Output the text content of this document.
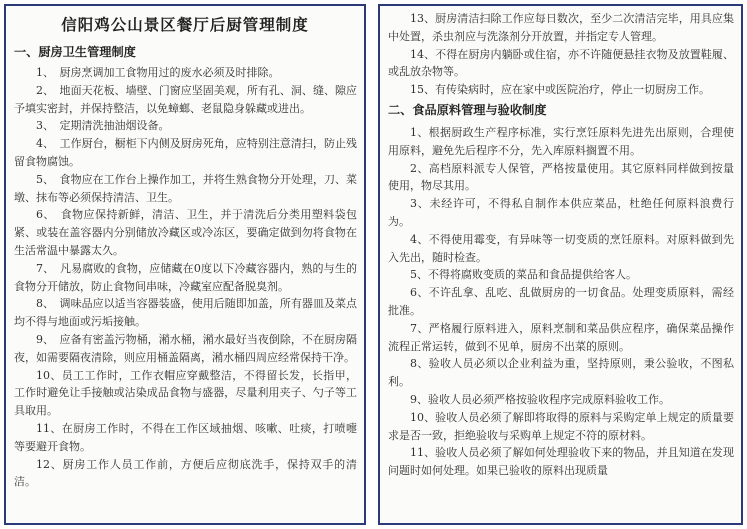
信阳鸡公山景区餐厅后厨管理制度
一、厨房卫生管理制度

1、　厨房烹调加工食物用过的废水必须及时排除。

2、　地面天花板、墙壁、门窗应坚固美观，所有孔、洞、缝、隙应予填实密封，并保持整洁，以免蟑螂、老鼠隐身躲藏或进出。

3、　定期清洗抽油烟设备。

4、　工作厨台，橱柜下内侧及厨房死角，应特别注意清扫，防止残留食物腐蚀。

5、　食物应在工作台上操作加工，并将生熟食物分开处理，刀、菜墩、抹布等必须保持清洁、卫生。

6、　食物应保持新鲜，清洁、卫生，并于清洗后分类用塑料袋包紧、或装在盖容器内分别储放冷藏区或冷冻区，要确定做到勿将食物在生活常温中暴露太久。

7、　凡易腐败的食物，应储藏在0度以下冷藏容器内，熟的与生的食物分开储放，防止食物间串味，冷藏室应配备脱臭剂。

8、　调味品应以适当容器装盛，使用后随即加盖，所有器皿及菜点均不得与地面或污垢接触。

9、　应备有密盖污物桶，潲水桶，潲水最好当夜倒除，不在厨房隔夜，如需要隔夜清除，则应用桶盖隔离，潲水桶四周应经常保持干净。

10、员工工作时，工作衣帽应穿戴整洁，不得留长发，长指甲，工作时避免让手接触或沾染成品食物与盛器，尽量利用夹子、勺子等工具取用。

11、在厨房工作时，不得在工作区域抽烟、咳嗽、吐痰，打喷嚏等要避开食物。

12、厨房工作人员工作前，方便后应彻底洗手，保持双手的清洁。

13、厨房清洁扫除工作应每日数次，至少二次清洁完毕，用具应集中处置，杀虫剂应与洗涤剂分开放置，并指定专人管理。

14、不得在厨房内躺卧或住宿，亦不许随便悬挂衣物及放置鞋履、或乱放杂物等。

15、有传染病时，应在家中或医院治疗，停止一切厨房工作。

二、食品原料管理与验收制度

1、根据厨政生产程序标准，实行烹饪原料先进先出原则，合理使用原料，避免先后程序不分，先入库原料搁置不用。

2、高档原料派专人保管，严格按量使用。其它原料同样做到按量使用，物尽其用。

3、未经许可，不得私自制作本供应菜品，杜绝任何原料浪费行为。

4、不得使用霉变，有异味等一切变质的烹饪原料。对原料做到先入先出，随时检查。

5、不得将腐败变质的菜品和食品提供给客人。

6、不许乱拿、乱吃、乱做厨房的一切食品。处理变质原料，需经批准。

7、严格履行原料进入，原料烹制和菜品供应程序，确保菜品操作流程正常运转，做到不见单，厨房不出菜的原则。

8、验收人员必须以企业利益为重，坚持原则，秉公验收，不图私利。

9、验收人员必须严格按验收程序完成原料验收工作。

10、验收人员必须了解即将取得的原料与采购定单上规定的质量要求是否一致，拒绝验收与采购单上规定不符的原材料。

11、验收人员必须了解如何处理验收下来的物品，并且知道在发现问题时如何处理。如果已验收的原料出现质量
